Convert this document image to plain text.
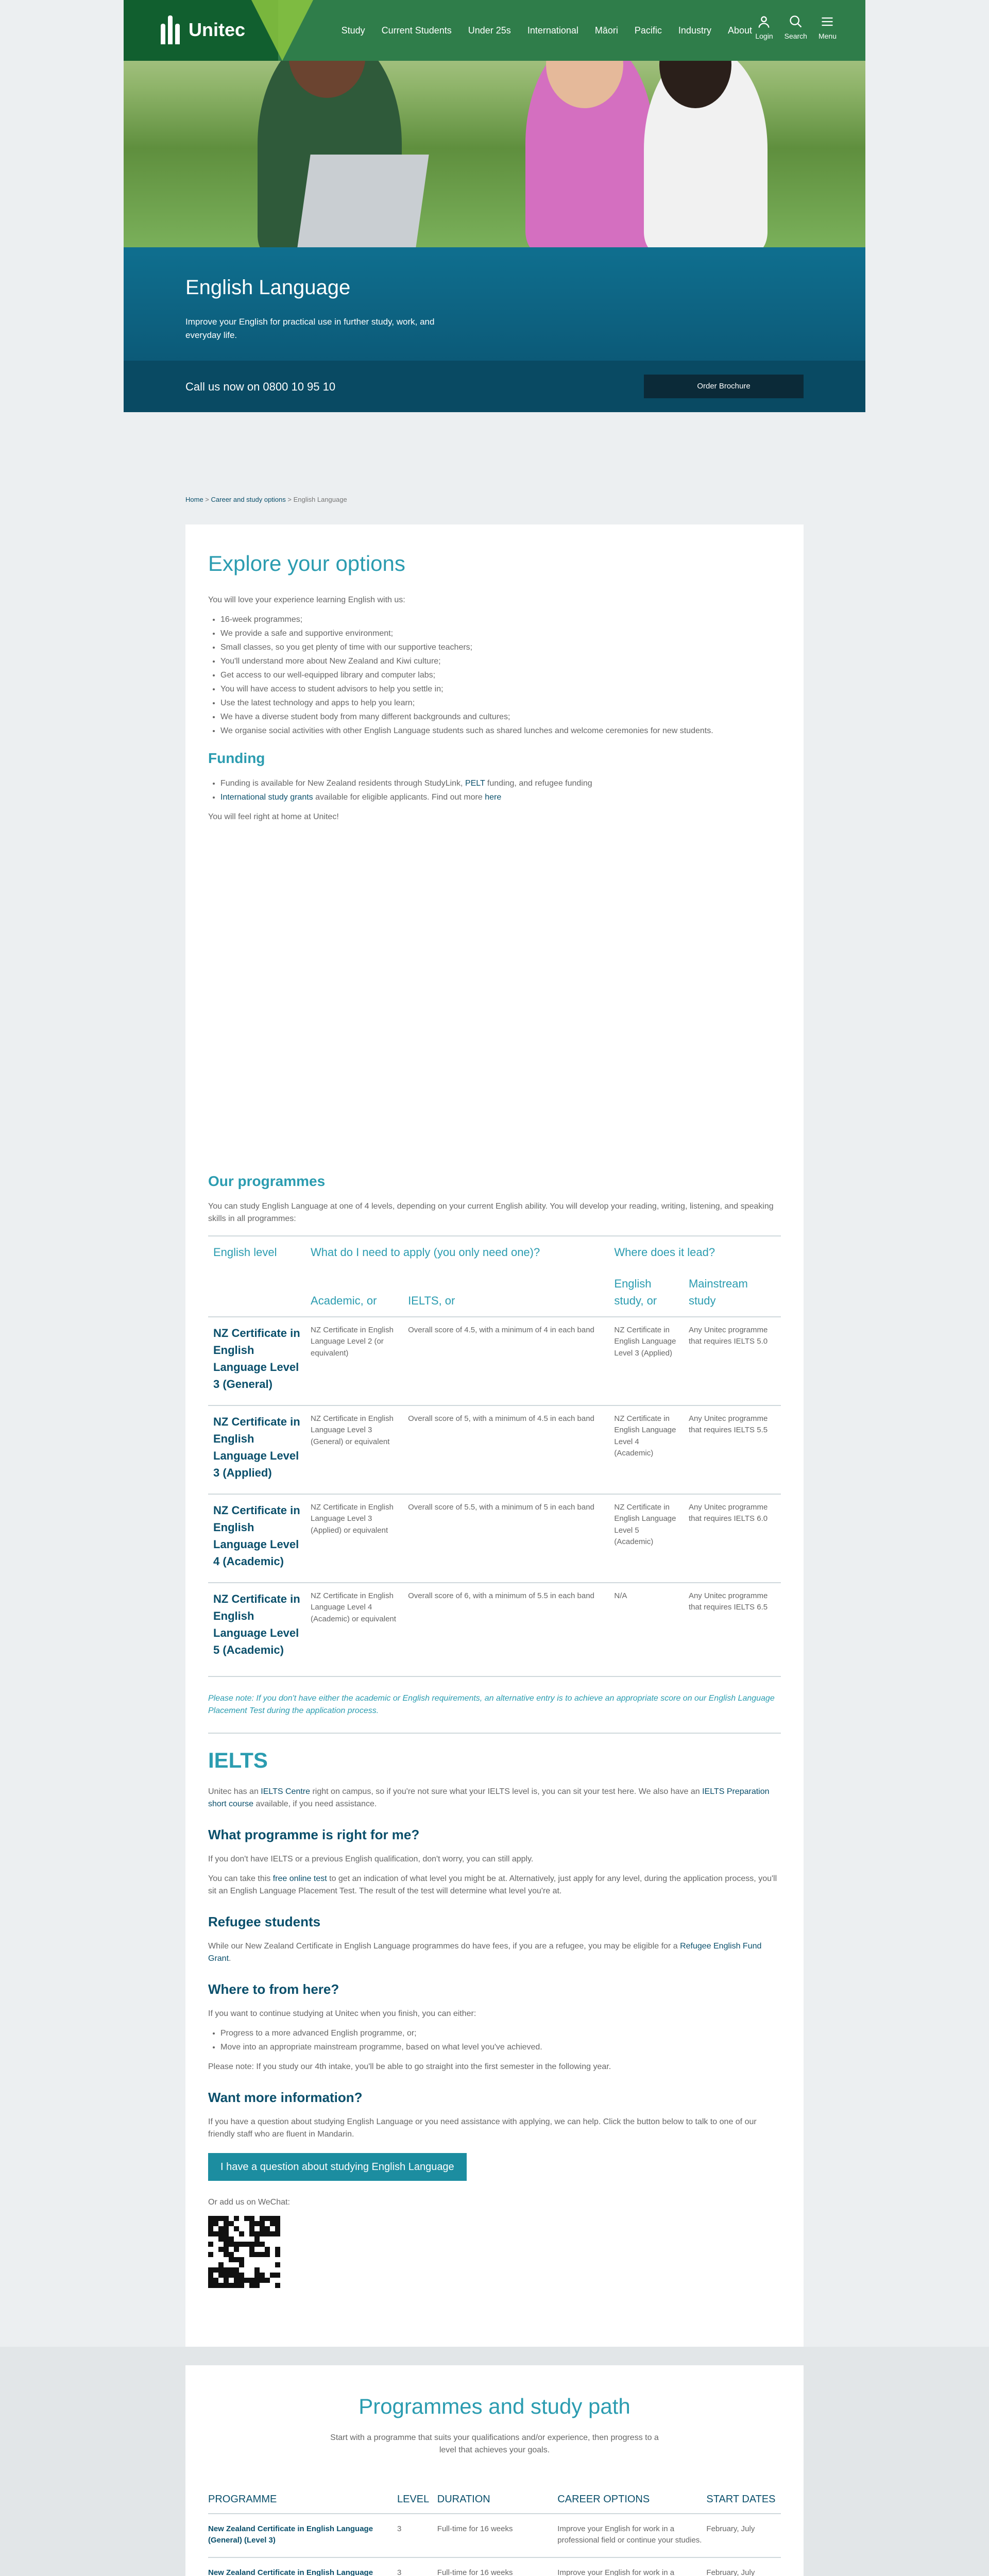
Unitec	Study Current Students Under 25s International Māori Pacific Industry About
Login Search Menu
English Language
Improve your English for practical use in further study, work, and everyday life.
Call us now on 0800 10 95 10	Order Brochure
Home > Career and study options > English Language
Explore your options

You will love your experience learning English with us:

• 16-week programmes;
• We provide a safe and supportive environment;
• Small classes, so you get plenty of time with our supportive teachers;
• You'll understand more about New Zealand and Kiwi culture;
• Get access to our well-equipped library and computer labs;
• You will have access to student advisors to help you settle in;
• Use the latest technology and apps to help you learn;
• We have a diverse student body from many different backgrounds and cultures;
• We organise social activities with other English Language students such as shared lunches and welcome ceremonies for new students.
Funding
• Funding is available for New Zealand residents through StudyLink, PELT funding, and refugee funding
• International study grants available for eligible applicants. Find out more here

You will feel right at home at Unitec!

Our programmes

You can study English Language at one of 4 levels, depending on your current English ability. You will develop your reading, writing, listening, and speaking skills in all programmes:

English level	What do I need to apply (you only need one)?		Where does it lead?	
	Academic, or	IELTS, or	English study, or	Mainstream study
NZ Certificate in English Language Level 3 (General)	NZ Certificate in English Language Level 2 (or equivalent)	Overall score of 4.5, with a minimum of 4 in each band	NZ Certificate in English Language Level 3 (Applied)	Any Unitec programme that requires IELTS 5.0
NZ Certificate in English Language Level 3 (Applied)	NZ Certificate in English Language Level 3 (General) or equivalent	Overall score of 5, with a minimum of 4.5 in each band	NZ Certificate in English Language Level 4 (Academic)	Any Unitec programme that requires IELTS 5.5
NZ Certificate in English Language Level 4 (Academic)	NZ Certificate in English Language Level 3 (Applied) or equivalent	Overall score of 5.5, with a minimum of 5 in each band	NZ Certificate in English Language Level 5 (Academic)	Any Unitec programme that requires IELTS 6.0
NZ Certificate in English Language Level 5 (Academic)	NZ Certificate in English Language Level 4 (Academic) or equivalent	Overall score of 6, with a minimum of 5.5 in each band	N/A	Any Unitec programme that requires IELTS 6.5

Please note: If you don't have either the academic or English requirements, an alternative entry is to achieve an appropriate score on our English Language Placement Test during the application process.

IELTS

Unitec has an IELTS Centre right on campus, so if you're not sure what your IELTS level is, you can sit your test here. We also have an IELTS Preparation short course available, if you need assistance.

What programme is right for me?

If you don't have IELTS or a previous English qualification, don't worry, you can still apply.

You can take this free online test to get an indication of what level you might be at. Alternatively, just apply for any level, during the application process, you'll sit an English Language Placement Test. The result of the test will determine what level you're at.

Refugee students

While our New Zealand Certificate in English Language programmes do have fees, if you are a refugee, you may be eligible for a Refugee English Fund Grant.

Where to from here?

If you want to continue studying at Unitec when you finish, you can either:

• Progress to a more advanced English programme, or;
• Move into an appropriate mainstream programme, based on what level you've achieved.

Please note: If you study our 4th intake, you'll be able to go straight into the first semester in the following year.

Want more information?

If you have a question about studying English Language or you need assistance with applying, we can help. Click the button below to talk to one of our friendly staff who are fluent in Mandarin.

I have a question about studying English Language

Or add us on WeChat:

Programmes and study path

Start with a programme that suits your qualifications and/or experience, then progress to a level that achieves your goals.

PROGRAMME	LEVEL	DURATION	CAREER OPTIONS	START DATES
New Zealand Certificate in English Language (General) (Level 3)	3	Full-time for 16 weeks	Improve your English for work in a professional field or continue your studies.	February, July
New Zealand Certificate in English Language	3	Full-time for 16 weeks	Improve your English for work in a	February, July
